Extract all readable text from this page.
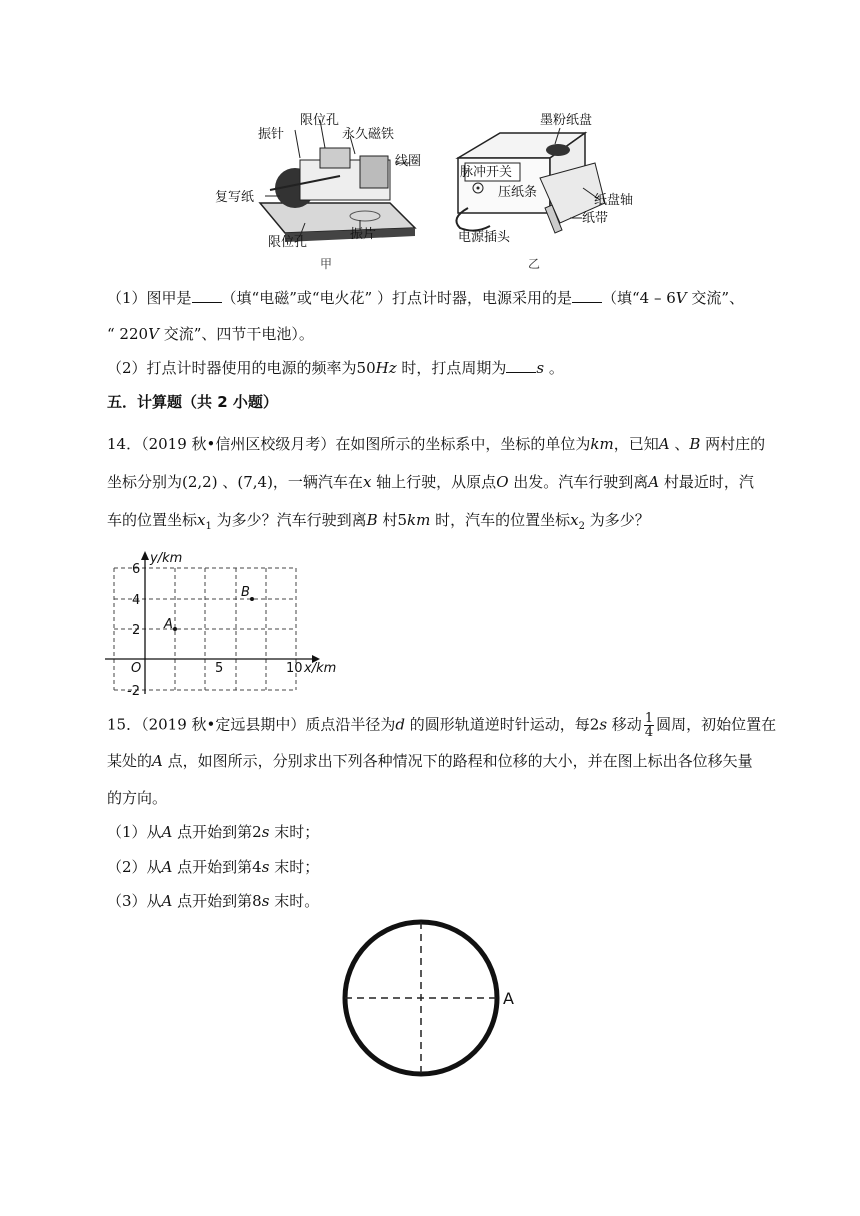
振针
限位孔
永久磁铁
线圈
复写纸
限位孔
振片
甲
墨粉纸盘
脉冲开关
压纸条
纸盘轴
纸带
电源插头
乙
（1）图甲是 （填“电磁”或“电火花” ）打点计时器，电源采用的是 （填“4 – 6V 交流”、
“ 220V 交流”、四节干电池）。
（2）打点计时器使用的电源的频率为50Hz 时，打点周期为 s 。
五．计算题（共 2 小题）
14．（2019 秋•信州区校级月考）在如图所示的坐标系中，坐标的单位为km，已知A 、B 两村庄的
坐标分别为(2,2) 、(7,4)，一辆汽车在x 轴上行驶，从原点O 出发。汽车行驶到离A 村最近时，汽
车的位置坐标$x_1$ 为多少？汽车行驶到离B 村5km 时，汽车的位置坐标$x_2$ 为多少？
y/km
x/km
6
4
2
-2
O	5	10
A
B
15．（2019 秋•定远县期中）质点沿半径为d 的圆形轨道逆时针运动，每2s 移动 $\frac{1}{4}$ 圆周，初始位置在
某处的A 点，如图所示，分别求出下列各种情况下的路程和位移的大小，并在图上标出各位移矢量
的方向。
（1）从A 点开始到第2s 末时；
（2）从A 点开始到第4s 末时；
（3）从A 点开始到第8s 末时。
A
